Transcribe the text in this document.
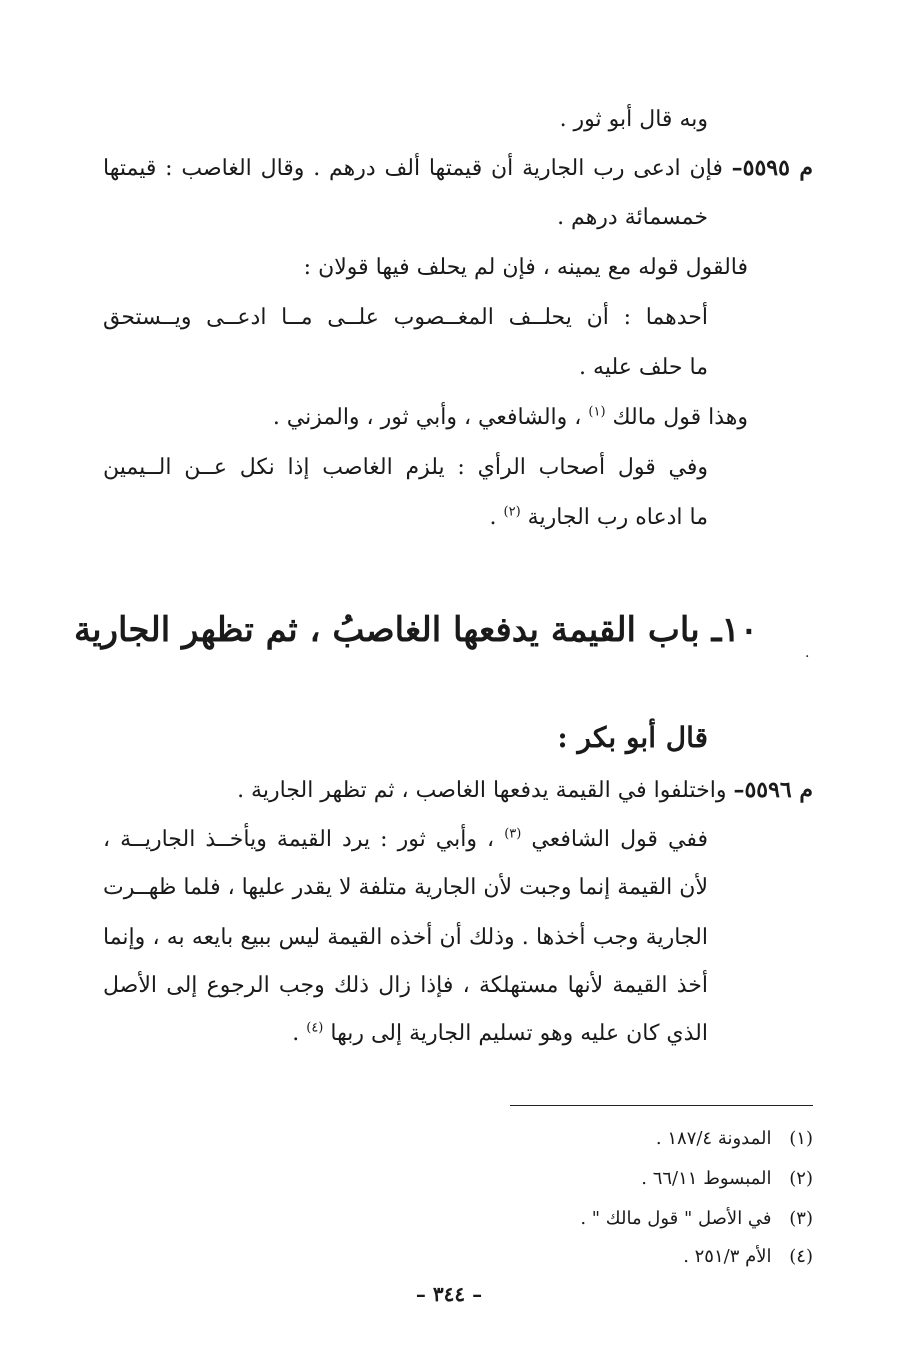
وبه قال أبو ثور .
م ٥٥٩٥– فإن ادعى رب الجارية أن قيمتها ألف درهم . وقال الغاصب : قيمتها
خمسمائة درهم .
فالقول قوله مع يمينه ، فإن لم يحلف فيها قولان :
أحدهما : أن يحلــف المغــصوب علــى مــا ادعــى ويــستحق
ما حلف عليه .
وهذا قول مالك $^{(١)}$ ، والشافعي ، وأبي ثور ، والمزني .
وفي قول أصحاب الرأي : يلزم الغاصب إذا نكل عــن الــيمين
ما ادعاه رب الجارية $^{(٢)}$ .
١٠ـ باب القيمة يدفعها الغاصبُ ، ثم تظهر الجارية
.
قال أبو بكر :
م ٥٥٩٦– واختلفوا في القيمة يدفعها الغاصب ، ثم تظهر الجارية .
ففي قول الشافعي $^{(٣)}$ ، وأبي ثور : يرد القيمة ويأخــذ الجاريــة ،
لأن القيمة إنما وجبت لأن الجارية متلفة لا يقدر عليها ، فلما ظهــرت
الجارية وجب أخذها . وذلك أن أخذه القيمة ليس ببيع بايعه به ، وإنما
أخذ القيمة لأنها مستهلكة ، فإذا زال ذلك وجب الرجوع إلى الأصل
الذي كان عليه وهو تسليم الجارية إلى ربها $^{(٤)}$ .
(١) المدونة ١٨٧/٤ .
(٢) المبسوط ٦٦/١١ .
(٣) في الأصل " قول مالك " .
(٤) الأم ٢٥١/٣ .
– ٣٤٤ –
